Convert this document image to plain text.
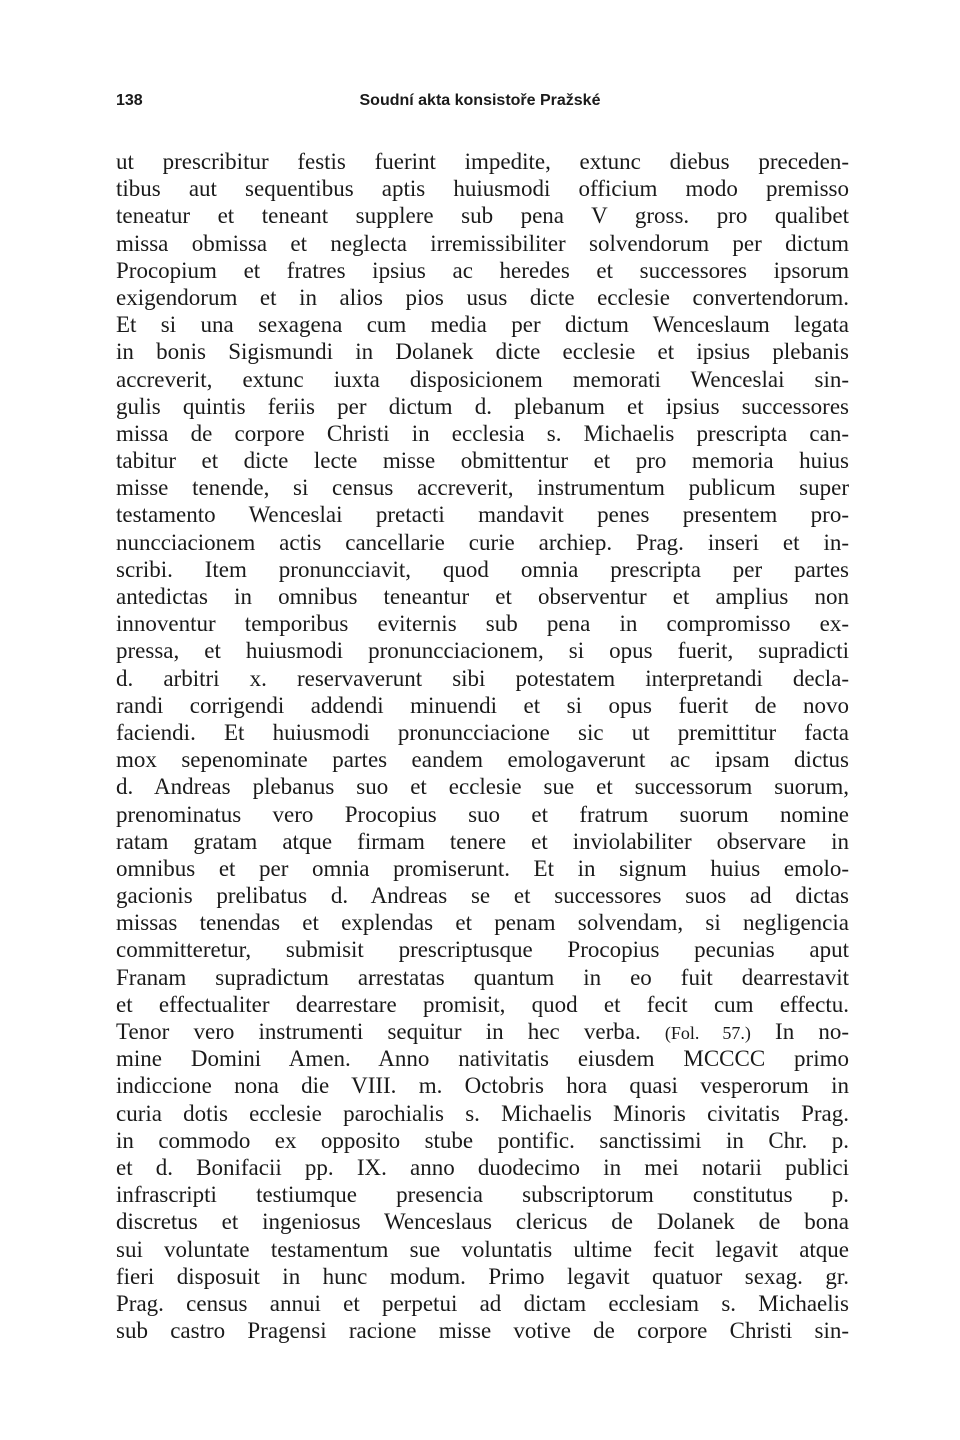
138	Soudní akta konsistoře Pražské
ut prescribitur festis fuerint impedite, extunc diebus preceden-
tibus aut sequentibus aptis huiusmodi officium modo premisso
teneatur et teneant supplere sub pena V gross. pro qualibet
missa obmissa et neglecta irremissibiliter solvendorum per dictum
Procopium et fratres ipsius ac heredes et successores ipsorum
exigendorum et in alios pios usus dicte ecclesie convertendorum.
Et si una sexagena cum media per dictum Wenceslaum legata
in bonis Sigismundi in Dolanek dicte ecclesie et ipsius plebanis
accreverit, extunc iuxta disposicionem memorati Wenceslai sin-
gulis quintis feriis per dictum d. plebanum et ipsius successores
missa de corpore Christi in ecclesia s. Michaelis prescripta can-
tabitur et dicte lecte misse obmittentur et pro memoria huius
misse tenende, si census accreverit, instrumentum publicum super
testamento Wenceslai pretacti mandavit penes presentem pro-
nuncciacionem actis cancellarie curie archiep. Prag. inseri et in-
scribi. Item pronuncciavit, quod omnia prescripta per partes
antedictas in omnibus teneantur et observentur et amplius non
innoventur temporibus eviternis sub pena in compromisso ex-
pressa, et huiusmodi pronuncciacionem, si opus fuerit, supradicti
d. arbitri x. reservaverunt sibi potestatem interpretandi decla-
randi corrigendi addendi minuendi et si opus fuerit de novo
faciendi. Et huiusmodi pronuncciacione sic ut premittitur facta
mox sepenominate partes eandem emologaverunt ac ipsam dictus
d. Andreas plebanus suo et ecclesie sue et successorum suorum,
prenominatus vero Procopius suo et fratrum suorum nomine
ratam gratam atque firmam tenere et inviolabiliter observare in
omnibus et per omnia promiserunt. Et in signum huius emolo-
gacionis prelibatus d. Andreas se et successores suos ad dictas
missas tenendas et explendas et penam solvendam, si negligencia
committeretur, submisit prescriptusque Procopius pecunias aput
Franam supradictum arrestatas quantum in eo fuit dearrestavit
et effectualiter dearrestare promisit, quod et fecit cum effectu.
Tenor vero instrumenti sequitur in hec verba. (Fol. 57.) In no-
mine Domini Amen. Anno nativitatis eiusdem MCCCC primo
indiccione nona die VIII. m. Octobris hora quasi vesperorum in
curia dotis ecclesie parochialis s. Michaelis Minoris civitatis Prag.
in commodo ex opposito stube pontific. sanctissimi in Chr. p.
et d. Bonifacii pp. IX. anno duodecimo in mei notarii publici
infrascripti testiumque presencia subscriptorum constitutus p.
discretus et ingeniosus Wenceslaus clericus de Dolanek de bona
sui voluntate testamentum sue voluntatis ultime fecit legavit atque
fieri disposuit in hunc modum. Primo legavit quatuor sexag. gr.
Prag. census annui et perpetui ad dictam ecclesiam s. Michaelis
sub castro Pragensi racione misse votive de corpore Christi sin-
